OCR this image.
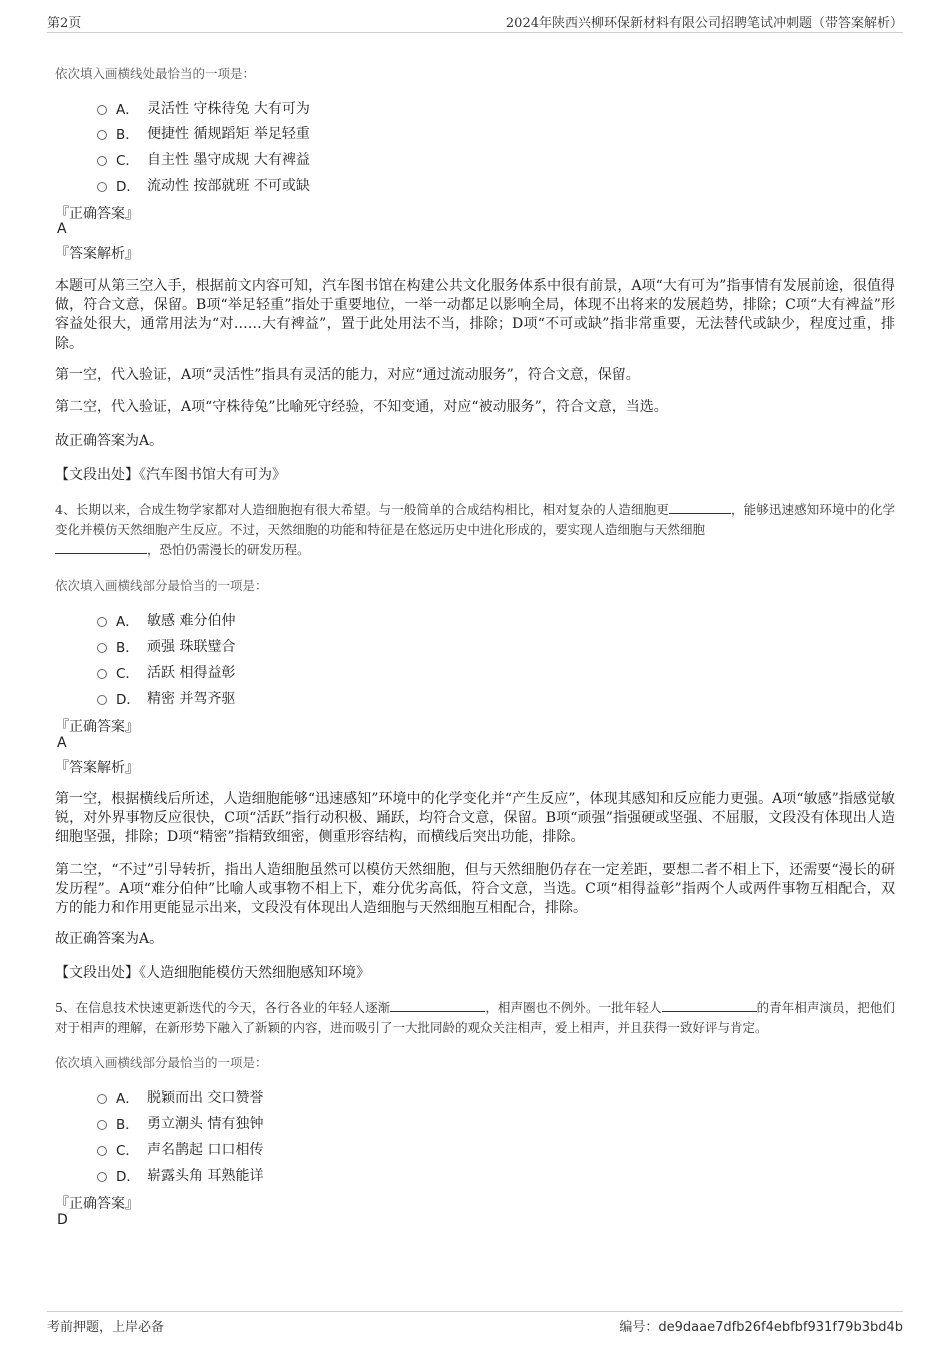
第2页	2024年陕西兴柳环保新材料有限公司招聘笔试冲刺题（带答案解析）
依次填入画横线处最恰当的一项是：
A． 灵活性 守株待兔 大有可为
B． 便捷性 循规蹈矩 举足轻重
C． 自主性 墨守成规 大有裨益
D． 流动性 按部就班 不可或缺
『正确答案』
A
『答案解析』
本题可从第三空入手，根据前文内容可知，汽车图书馆在构建公共文化服务体系中很有前景，A项“大有可为”指事情有发展前途，很值得做，符合文意，保留。B项“举足轻重”指处于重要地位，一举一动都足以影响全局，体现不出将来的发展趋势，排除；C项“大有裨益”形容益处很大，通常用法为“对……大有裨益”，置于此处用法不当，排除；D项“不可或缺”指非常重要，无法替代或缺少，程度过重，排除。
第一空，代入验证，A项“灵活性”指具有灵活的能力，对应“通过流动服务”，符合文意，保留。
第二空，代入验证，A项“守株待兔”比喻死守经验，不知变通，对应“被动服务”，符合文意，当选。
故正确答案为A。
【文段出处】《汽车图书馆大有可为》
4、长期以来，合成生物学家都对人造细胞抱有很大希望。与一般简单的合成结构相比，相对复杂的人造细胞更	，能够迅速感知环境中的化学变化并模仿天然细胞产生反应。不过，天然细胞的功能和特征是在悠远历史中进化形成的，要实现人造细胞与天然细胞
，恐怕仍需漫长的研发历程。
依次填入画横线部分最恰当的一项是：
A． 敏感 难分伯仲
B． 顽强 珠联璧合
C． 活跃 相得益彰
D． 精密 并驾齐驱
『正确答案』
A
『答案解析』
第一空，根据横线后所述，人造细胞能够“迅速感知”环境中的化学变化并“产生反应”，体现其感知和反应能力更强。A项“敏感”指感觉敏锐，对外界事物反应很快，C项“活跃”指行动积极、踊跃，均符合文意，保留。B项“顽强”指强硬或坚强、不屈服，文段没有体现出人造细胞坚强，排除；D项“精密”指精致细密，侧重形容结构，而横线后突出功能，排除。
第二空，“不过”引导转折，指出人造细胞虽然可以模仿天然细胞，但与天然细胞仍存在一定差距，要想二者不相上下，还需要“漫长的研发历程”。A项“难分伯仲”比喻人或事物不相上下，难分优劣高低，符合文意，当选。C项“相得益彰”指两个人或两件事物互相配合，双方的能力和作用更能显示出来，文段没有体现出人造细胞与天然细胞互相配合，排除。
故正确答案为A。
【文段出处】《人造细胞能模仿天然细胞感知环境》
5、在信息技术快速更新迭代的今天，各行各业的年轻人逐渐	，相声圈也不例外。一批年轻人	的青年相声演员，把他们对于相声的理解，在新形势下融入了新颖的内容，进而吸引了一大批同龄的观众关注相声，爱上相声，并且获得一致好评与肯定。
依次填入画横线部分最恰当的一项是：
A． 脱颖而出 交口赞誉
B． 勇立潮头 情有独钟
C． 声名鹊起 口口相传
D． 崭露头角 耳熟能详
『正确答案』
D
考前押题，上岸必备	编号：de9daae7dfb26f4ebfbf931f79b3bd4b
